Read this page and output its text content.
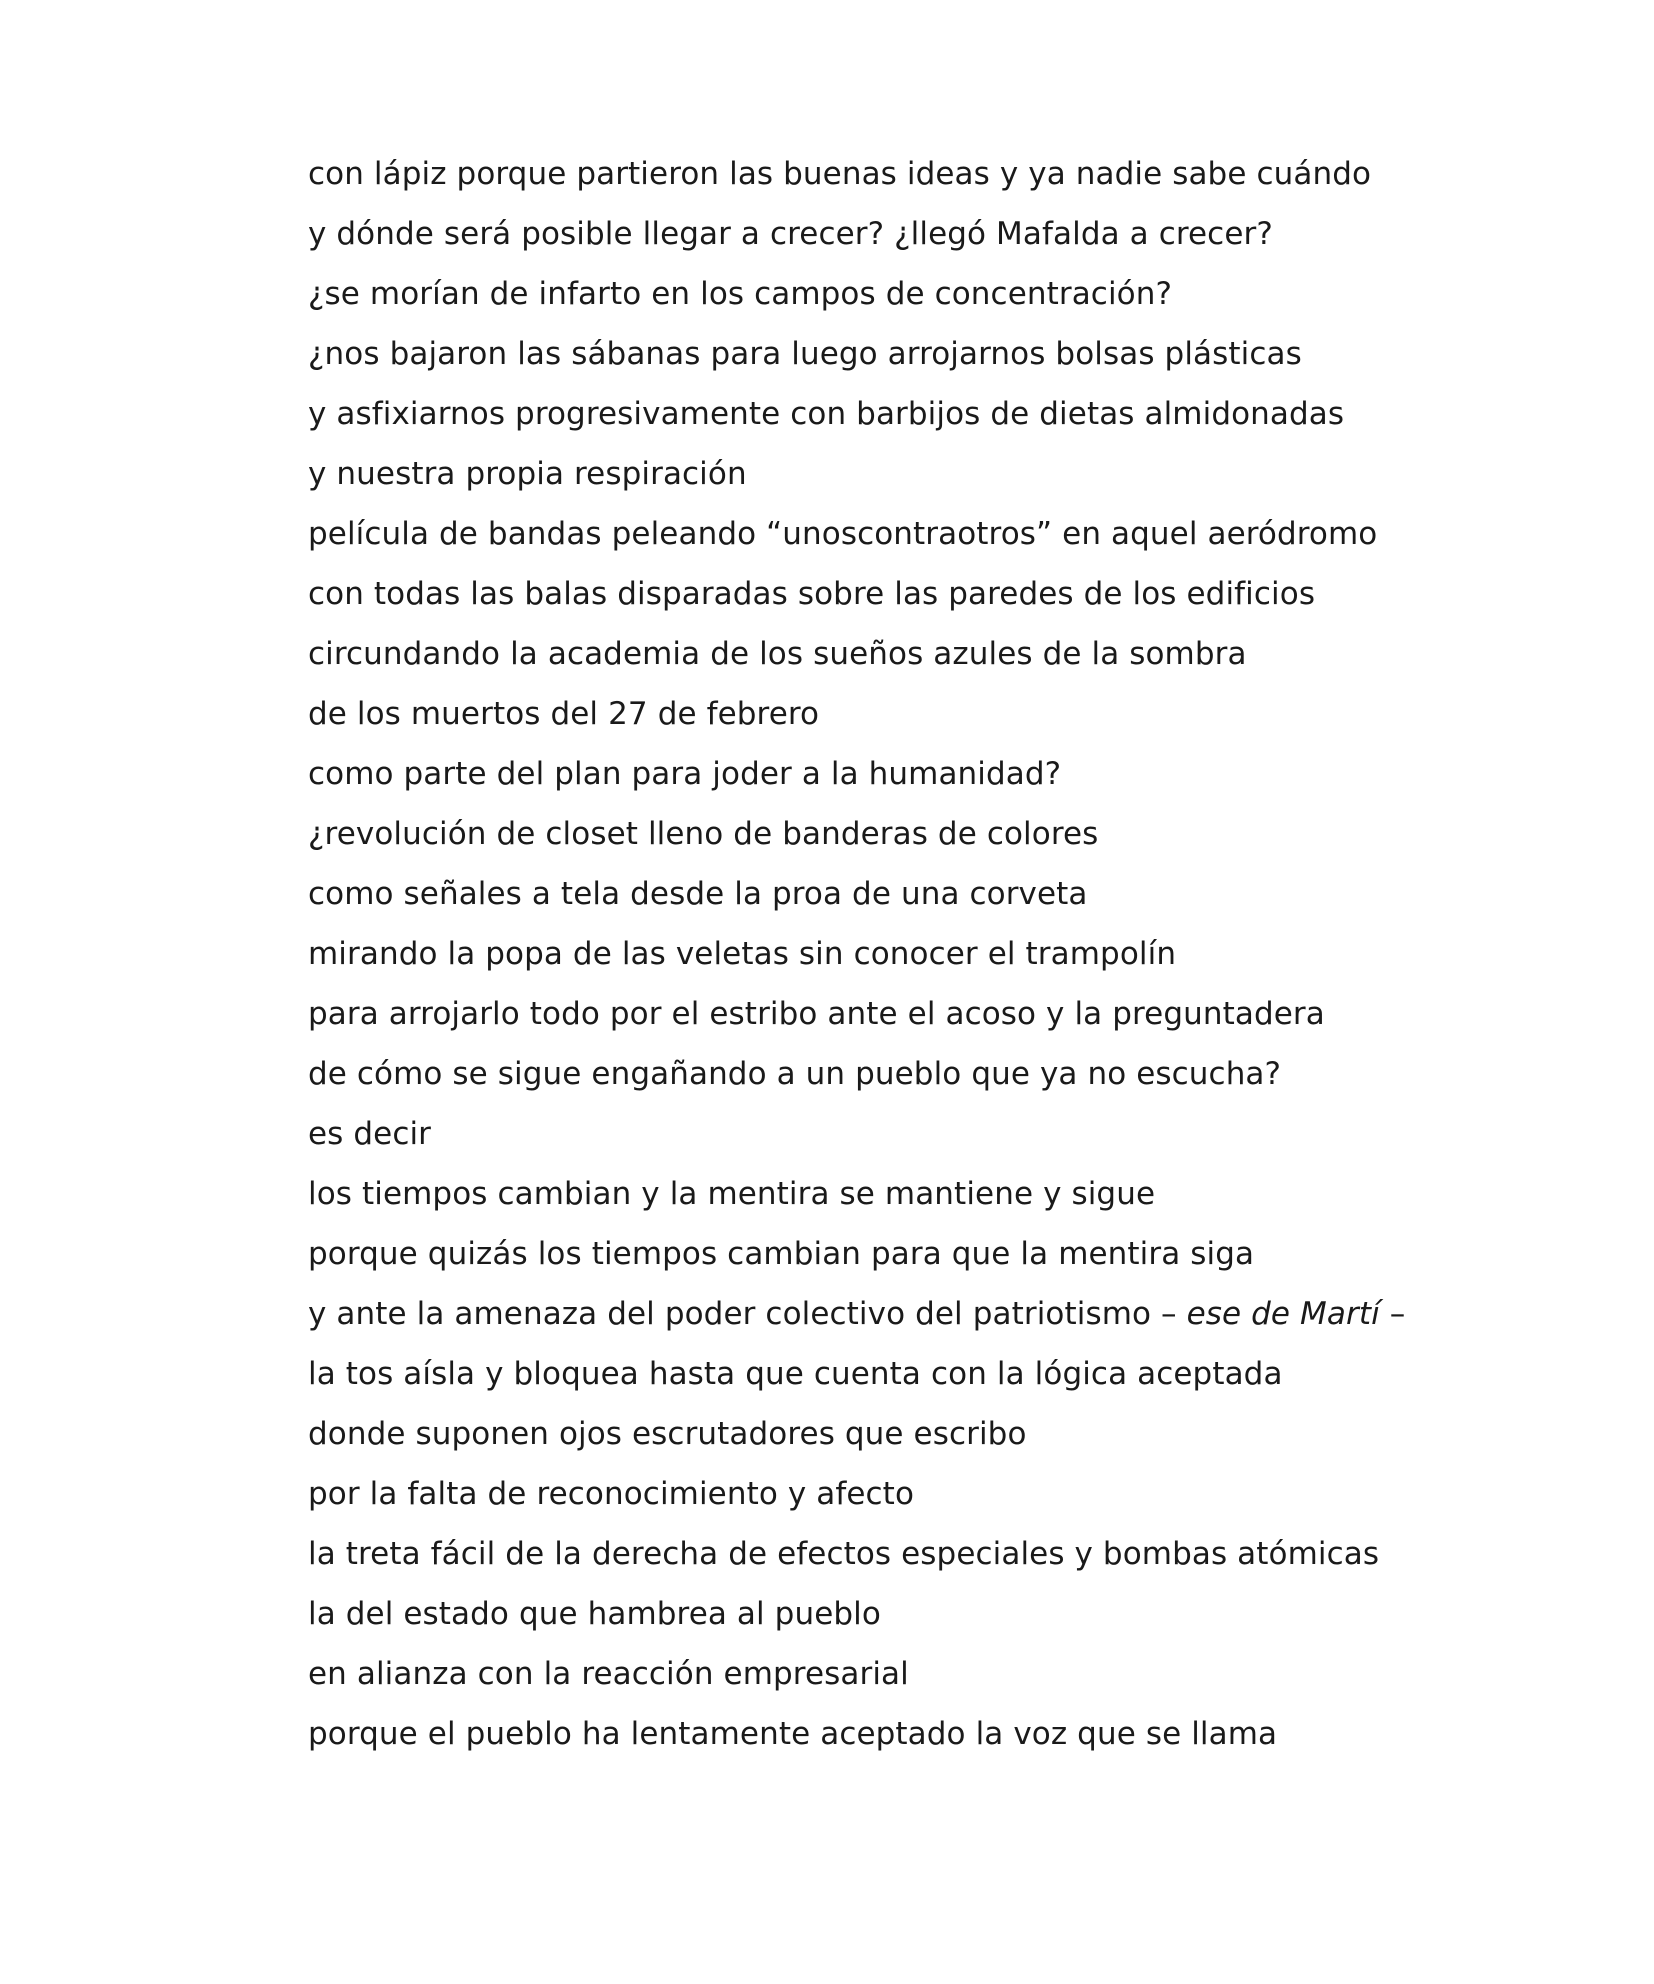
con lápiz porque partieron las buenas ideas y ya nadie sabe cuándo
y dónde será posible llegar a crecer? ¿llegó Mafalda a crecer?
¿se morían de infarto en los campos de concentración?
¿nos bajaron las sábanas para luego arrojarnos bolsas plásticas
y asfixiarnos progresivamente con barbijos de dietas almidonadas
y nuestra propia respiración
película de bandas peleando “unoscontraotros” en aquel aeródromo
con todas las balas disparadas sobre las paredes de los edificios
circundando la academia de los sueños azules de la sombra
de los muertos del 27 de febrero
como parte del plan para joder a la humanidad?
¿revolución de closet lleno de banderas de colores
como señales a tela desde la proa de una corveta
mirando la popa de las veletas sin conocer el trampolín
para arrojarlo todo por el estribo ante el acoso y la preguntadera
de cómo se sigue engañando a un pueblo que ya no escucha?
es decir
los tiempos cambian y la mentira se mantiene y sigue
porque quizás los tiempos cambian para que la mentira siga
y ante la amenaza del poder colectivo del patriotismo – ese de Martí –
la tos aísla y bloquea hasta que cuenta con la lógica aceptada
donde suponen ojos escrutadores que escribo
por la falta de reconocimiento y afecto
la treta fácil de la derecha de efectos especiales y bombas atómicas
la del estado que hambrea al pueblo
en alianza con la reacción empresarial
porque el pueblo ha lentamente aceptado la voz que se llama
